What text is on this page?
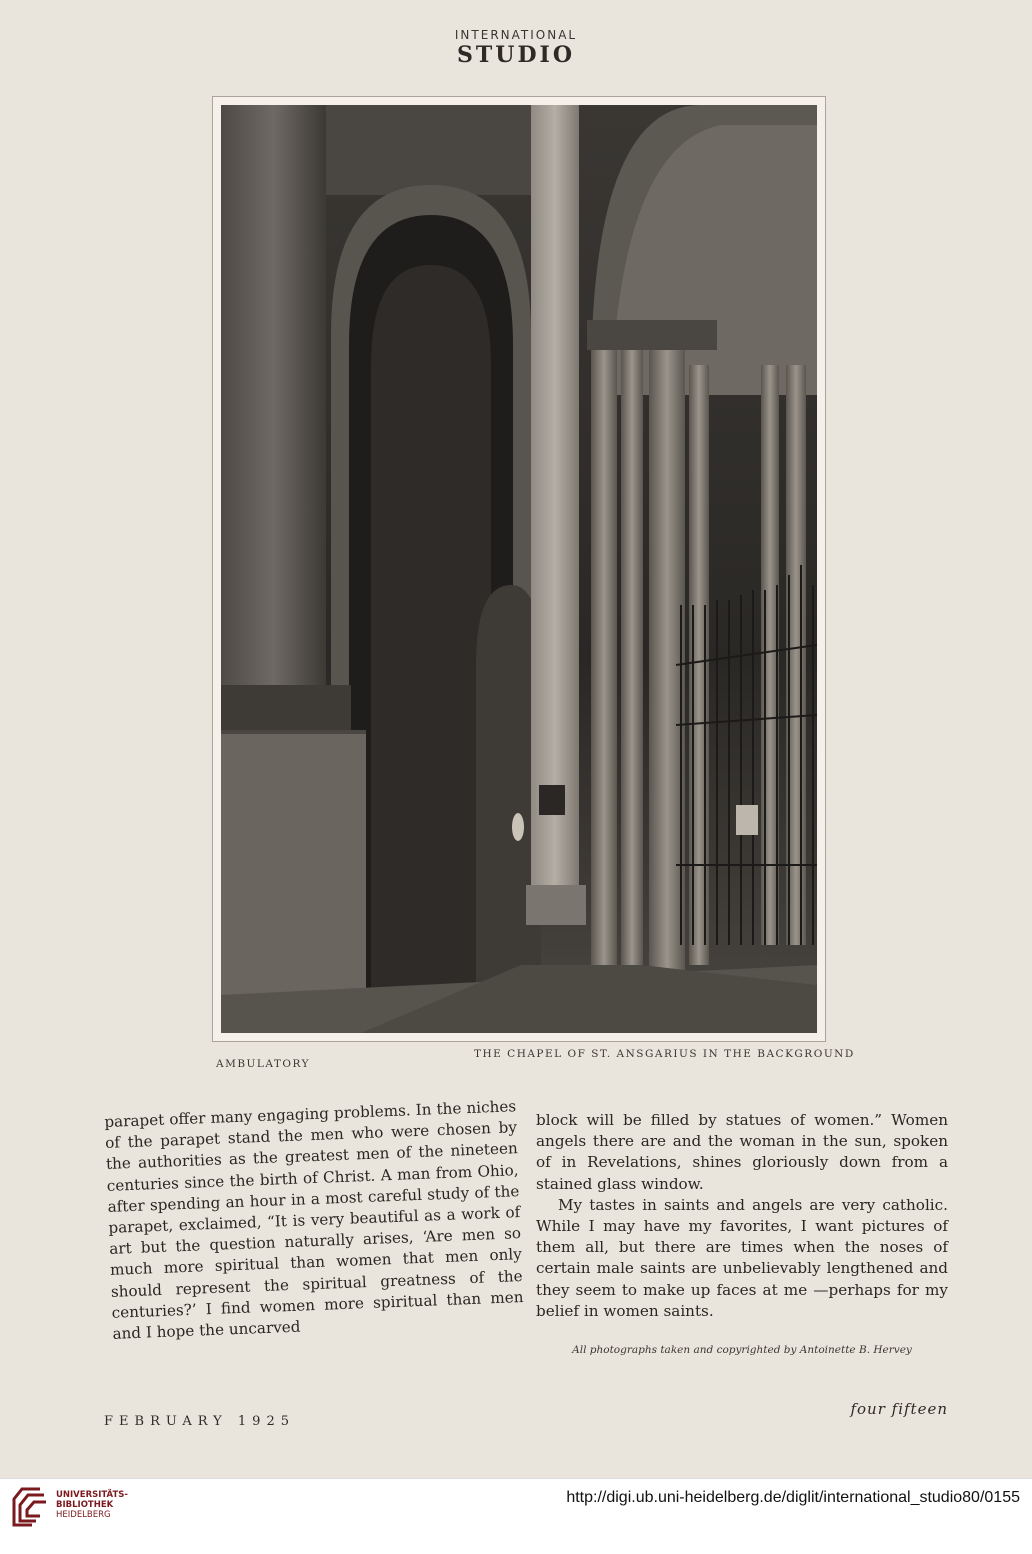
INTERNATIONAL
STUDIO
AMBULATORY
THE CHAPEL OF ST. ANSGARIUS IN THE BACKGROUND

parapet offer many engaging problems. In the niches of the parapet stand the men who were chosen by the authorities as the greatest men of the nineteen centuries since the birth of Christ. A man from Ohio, after spending an hour in a most careful study of the parapet, exclaimed, “It is very beautiful as a work of art but the question naturally arises, ‘Are men so much more spiritual than women that men only should represent the spiritual greatness of the centuries?’ I find women more spiritual than men and I hope the uncarved

block will be filled by statues of women.” Women angels there are and the woman in the sun, spoken of in Revelations, shines gloriously down from a stained glass window.

My tastes in saints and angels are very catholic. While I may have my favorites, I want pictures of them all, but there are times when the noses of certain male saints are unbelievably lengthened and they seem to make up faces at me —perhaps for my belief in women saints.

All photographs taken and copyrighted by Antoinette B. Hervey
FEBRUARY 1925
four fifteen
UNIVERSITÄTS-
BIBLIOTHEK
HEIDELBERG
http://digi.ub.uni-heidelberg.de/diglit/international_studio80/0155
